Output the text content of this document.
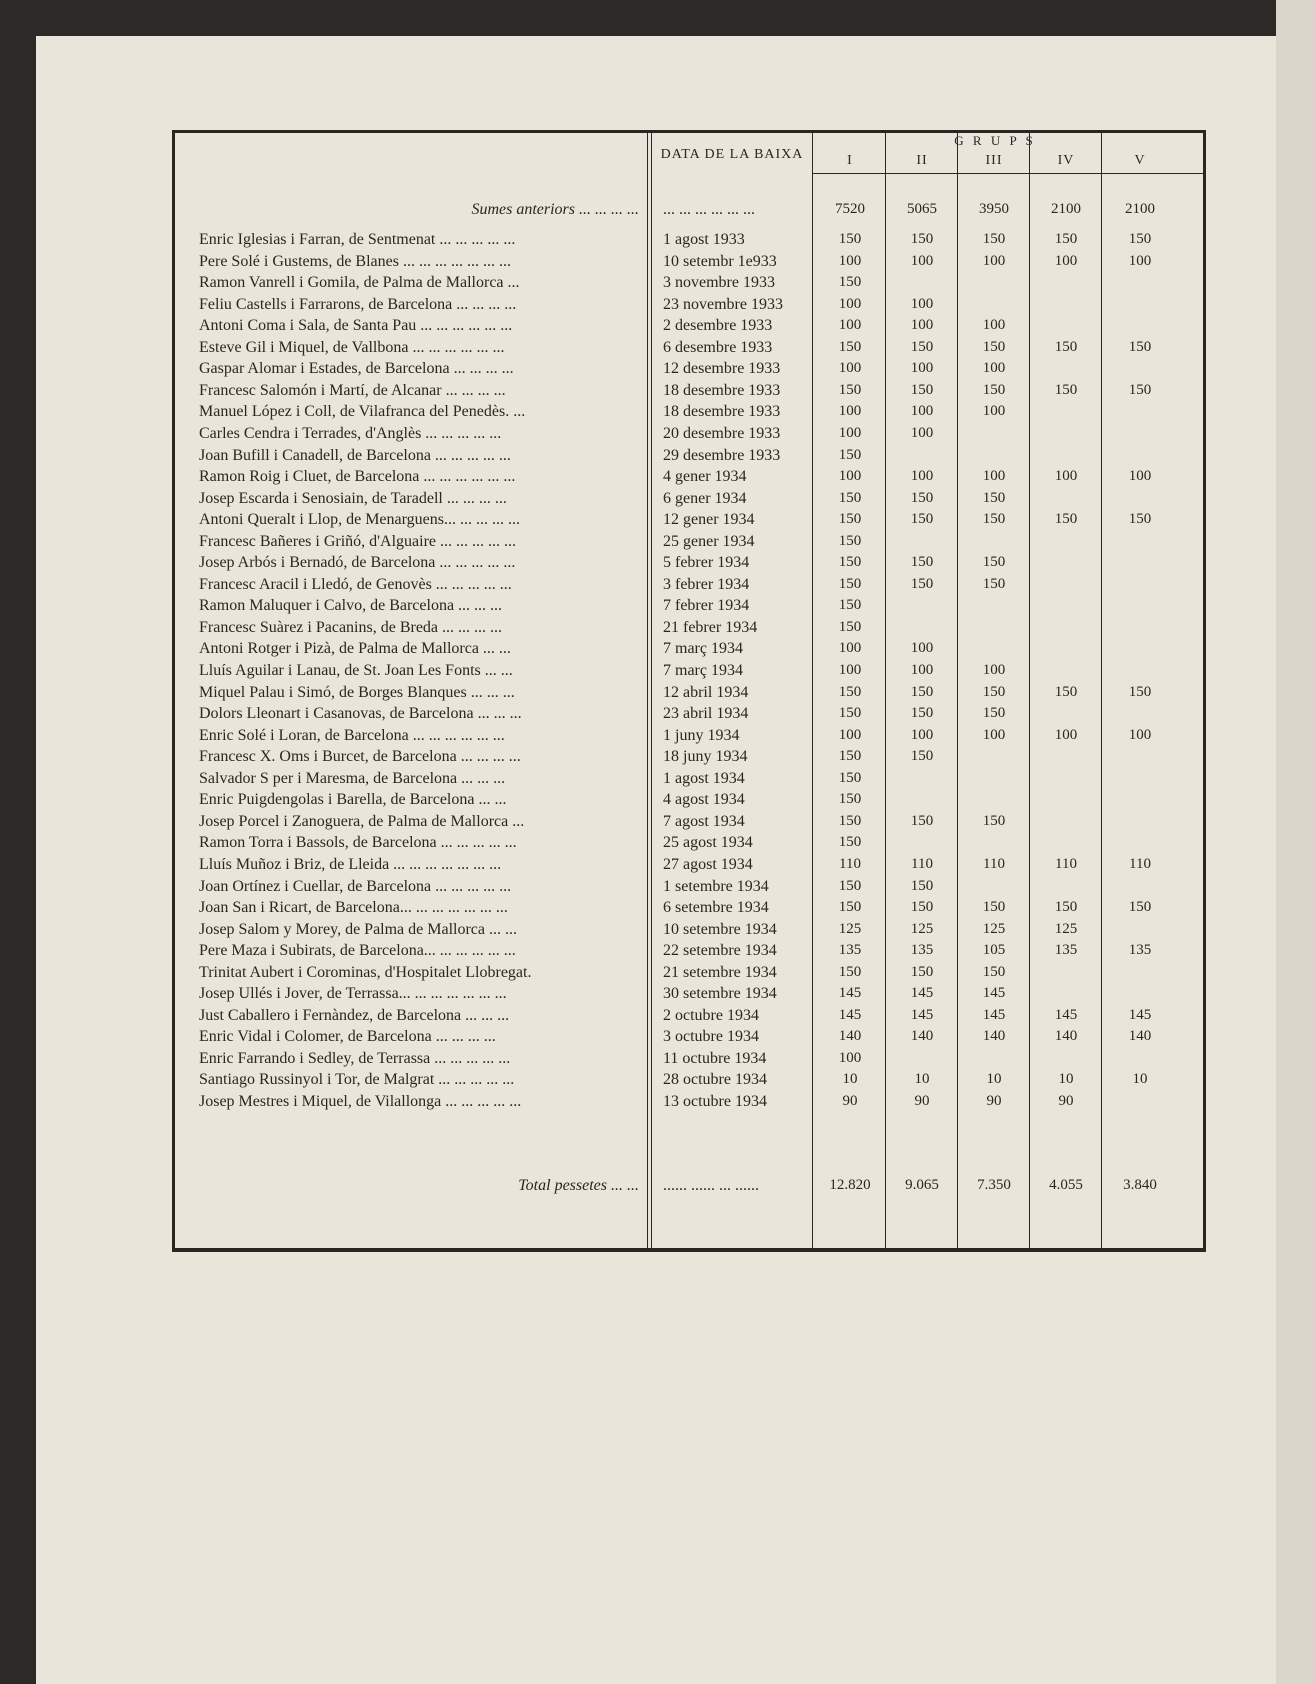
DATA DE LA BAIXA
G R U P S
I	II	III	IV	V
Sumes anteriors ... ... ... ... ... ... ... ... ... ...	7520	5065	3950	2100	2100
Enric Iglesias i Farran, de Sentmenat ... ... ... ... ...	1 agost 1933	150	150	150	150	150
Pere Solé i Gustems, de Blanes ... ... ... ... ... ... ...	10 setembr 1e933	100	100	100	100	100
Ramon Vanrell i Gomila, de Palma de Mallorca ...	3 novembre 1933	150
Feliu Castells i Farrarons, de Barcelona ... ... ... ...	23 novembre 1933	100	100
Antoni Coma i Sala, de Santa Pau ... ... ... ... ... ...	2 desembre 1933	100	100	100
Esteve Gil i Miquel, de Vallbona ... ... ... ... ... ...	6 desembre 1933	150	150	150	150	150
Gaspar Alomar i Estades, de Barcelona ... ... ... ...	12 desembre 1933	100	100	100
Francesc Salomón i Martí, de Alcanar ... ... ... ...	18 desembre 1933	150	150	150	150	150
Manuel López i Coll, de Vilafranca del Penedès. ...	18 desembre 1933	100	100	100
Carles Cendra i Terrades, d'Anglès ... ... ... ... ...	20 desembre 1933	100	100
Joan Bufill i Canadell, de Barcelona ... ... ... ... ...	29 desembre 1933	150
Ramon Roig i Cluet, de Barcelona ... ... ... ... ... ...	4 gener 1934	100	100	100	100	100
Josep Escarda i Senosiain, de Taradell ... ... ... ...	6 gener 1934	150	150	150
Antoni Queralt i Llop, de Menarguens... ... ... ... ...	12 gener 1934	150	150	150	150	150
Francesc Bañeres i Griñó, d'Alguaire ... ... ... ... ...	25 gener 1934	150
Josep Arbós i Bernadó, de Barcelona ... ... ... ... ...	5 febrer 1934	150	150	150
Francesc Aracil i Lledó, de Genovès ... ... ... ... ...	3 febrer 1934	150	150	150
Ramon Maluquer i Calvo, de Barcelona ... ... ...	7 febrer 1934	150
Francesc Suàrez i Pacanins, de Breda ... ... ... ...	21 febrer 1934	150
Antoni Rotger i Pizà, de Palma de Mallorca ... ...	7 març 1934	100	100
Lluís Aguilar i Lanau, de St. Joan Les Fonts ... ...	7 març 1934	100	100	100
Miquel Palau i Simó, de Borges Blanques ... ... ...	12 abril 1934	150	150	150	150	150
Dolors Lleonart i Casanovas, de Barcelona ... ... ...	23 abril 1934	150	150	150
Enric Solé i Loran, de Barcelona ... ... ... ... ... ...	1 juny 1934	100	100	100	100	100
Francesc X. Oms i Burcet, de Barcelona ... ... ... ...	18 juny 1934	150	150
Salvador S per i Maresma, de Barcelona ... ... ...	1 agost 1934	150
Enric Puigdengolas i Barella, de Barcelona ... ...	4 agost 1934	150
Josep Porcel i Zanoguera, de Palma de Mallorca ...	7 agost 1934	150	150	150
Ramon Torra i Bassols, de Barcelona ... ... ... ... ...	25 agost 1934	150
Lluís Muñoz i Briz, de Lleida ... ... ... ... ... ... ...	27 agost 1934	110	110	110	110	110
Joan Ortínez i Cuellar, de Barcelona ... ... ... ... ...	1 setembre 1934	150	150
Joan San i Ricart, de Barcelona... ... ... ... ... ... ...	6 setembre 1934	150	150	150	150	150
Josep Salom y Morey, de Palma de Mallorca ... ...	10 setembre 1934	125	125	125	125
Pere Maza i Subirats, de Barcelona... ... ... ... ... ...	22 setembre 1934	135	135	105	135	135
Trinitat Aubert i Corominas, d'Hospitalet Llobregat.	21 setembre 1934	150	150	150
Josep Ullés i Jover, de Terrassa... ... ... ... ... ... ...	30 setembre 1934	145	145	145
Just Caballero i Fernàndez, de Barcelona ... ... ...	2 octubre 1934	145	145	145	145	145
Enric Vidal i Colomer, de Barcelona ... ... ... ...	3 octubre 1934	140	140	140	140	140
Enric Farrando i Sedley, de Terrassa ... ... ... ... ...	11 octubre 1934	100
Santiago Russinyol i Tor, de Malgrat ... ... ... ... ...	28 octubre 1934	10	10	10	10	10
Josep Mestres i Miquel, de Vilallonga ... ... ... ... ...	13 octubre 1934	90	90	90	90
Total pessetes ... ... ...... ...... ... ......	12.820	9.065	7.350	4.055	3.840
